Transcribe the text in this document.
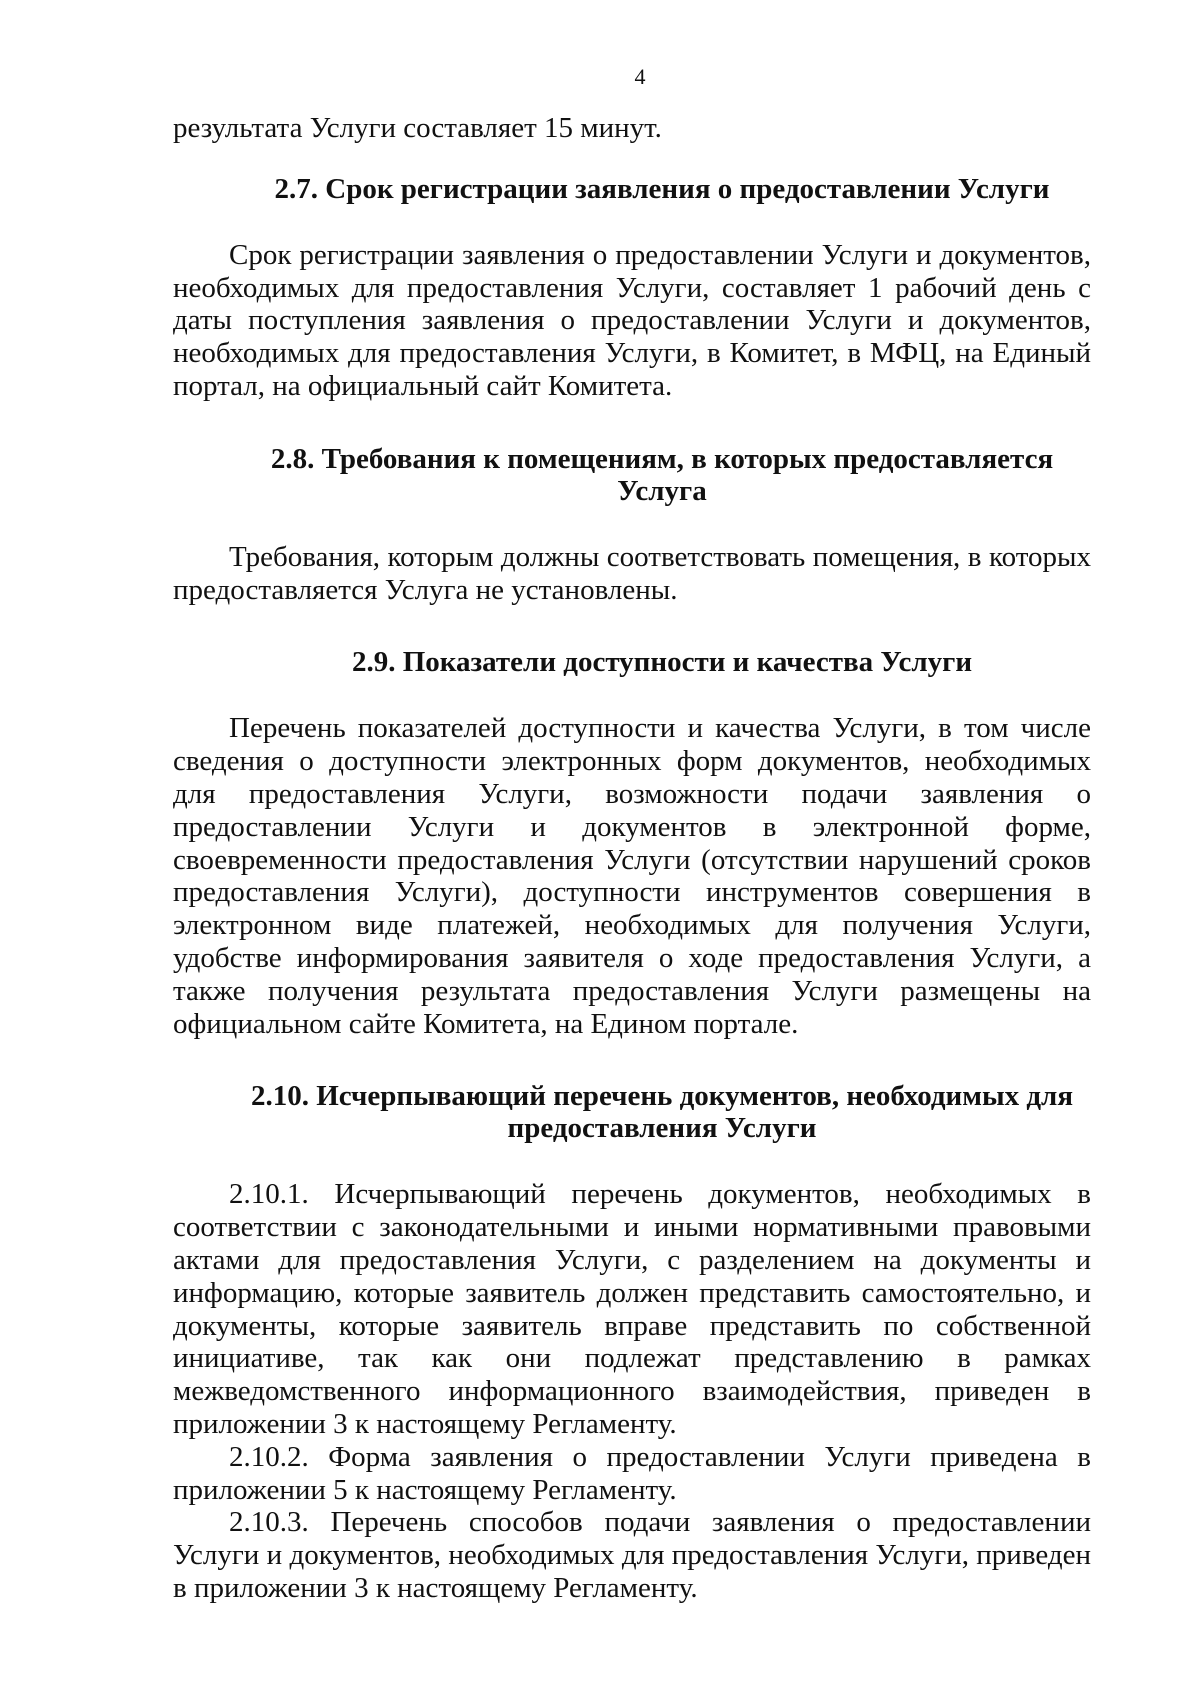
4

результата Услуги составляет 15 минут.

2.7. Срок регистрации заявления о предоставлении Услуги

Срок регистрации заявления о предоставлении Услуги и документов, необходимых для предоставления Услуги, составляет 1 рабочий день с даты поступления заявления о предоставлении Услуги и документов, необходимых для предоставления Услуги, в Комитет, в МФЦ, на Единый портал, на официальный сайт Комитета.

2.8. Требования к помещениям, в которых предоставляется Услуга

Требования, которым должны соответствовать помещения, в которых предоставляется Услуга не установлены.

2.9. Показатели доступности и качества Услуги

Перечень показателей доступности и качества Услуги, в том числе сведения о доступности электронных форм документов, необходимых для предоставления Услуги, возможности подачи заявления о предоставлении Услуги и документов в электронной форме, своевременности предоставления Услуги (отсутствии нарушений сроков предоставления Услуги), доступности инструментов совершения в электронном виде платежей, необходимых для получения Услуги, удобстве информирования заявителя о ходе предоставления Услуги, а также получения результата предоставления Услуги размещены на официальном сайте Комитета, на Едином портале.

2.10. Исчерпывающий перечень документов, необходимых для предоставления Услуги

2.10.1. Исчерпывающий перечень документов, необходимых в соответствии с законодательными и иными нормативными правовыми актами для предоставления Услуги, с разделением на документы и информацию, которые заявитель должен представить самостоятельно, и документы, которые заявитель вправе представить по собственной инициативе, так как они подлежат представлению в рамках межведомственного информационного взаимодействия, приведен в приложении 3 к настоящему Регламенту.

2.10.2. Форма заявления о предоставлении Услуги приведена в приложении 5 к настоящему Регламенту.

2.10.3. Перечень способов подачи заявления о предоставлении Услуги и документов, необходимых для предоставления Услуги, приведен в приложении 3 к настоящему Регламенту.
